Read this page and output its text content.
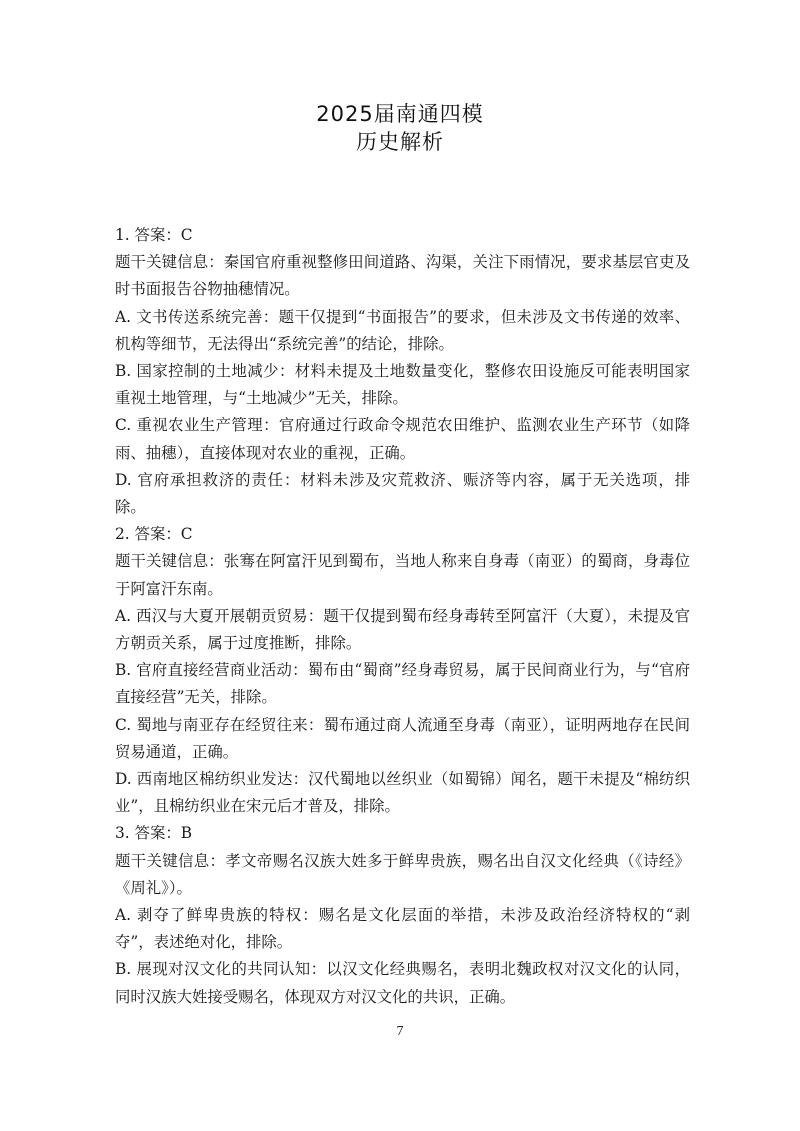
2025届南通四模

历史解析

1. 答案：C

题干关键信息：秦国官府重视整修田间道路、沟渠，关注下雨情况，要求基层官吏及时书面报告谷物抽穗情况。

A. 文书传送系统完善：题干仅提到“书面报告”的要求，但未涉及文书传递的效率、机构等细节，无法得出“系统完善”的结论，排除。

B. 国家控制的土地减少：材料未提及土地数量变化，整修农田设施反可能表明国家重视土地管理，与“土地减少”无关，排除。

C. 重视农业生产管理：官府通过行政命令规范农田维护、监测农业生产环节（如降雨、抽穗），直接体现对农业的重视，正确。

D. 官府承担救济的责任：材料未涉及灾荒救济、赈济等内容，属于无关选项，排除。

2. 答案：C

题干关键信息：张骞在阿富汗见到蜀布，当地人称来自身毒（南亚）的蜀商，身毒位于阿富汗东南。

A. 西汉与大夏开展朝贡贸易：题干仅提到蜀布经身毒转至阿富汗（大夏），未提及官方朝贡关系，属于过度推断，排除。

B. 官府直接经营商业活动：蜀布由“蜀商”经身毒贸易，属于民间商业行为，与“官府直接经营”无关，排除。

C. 蜀地与南亚存在经贸往来：蜀布通过商人流通至身毒（南亚），证明两地存在民间贸易通道，正确。

D. 西南地区棉纺织业发达：汉代蜀地以丝织业（如蜀锦）闻名，题干未提及“棉纺织业”，且棉纺织业在宋元后才普及，排除。

3. 答案：B

题干关键信息：孝文帝赐名汉族大姓多于鲜卑贵族，赐名出自汉文化经典（《诗经》《周礼》）。

A. 剥夺了鲜卑贵族的特权：赐名是文化层面的举措，未涉及政治经济特权的“剥夺”，表述绝对化，排除。

B. 展现对汉文化的共同认知：以汉文化经典赐名，表明北魏政权对汉文化的认同，同时汉族大姓接受赐名，体现双方对汉文化的共识，正确。

7
